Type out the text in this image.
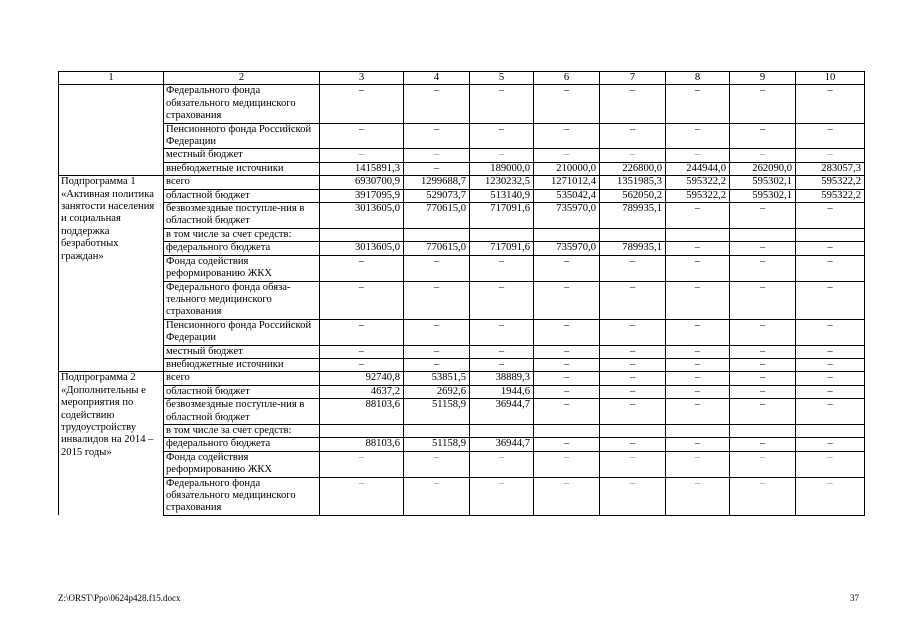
1	2	3	4	5	6	7	8	9	10
	Федерального фонда обязательного медицинского страхования	–	–	–	–	–	–	–	–
	Пенсионного фонда Российской Федерации	–	–	–	–	–	–	–	–
	местный бюджет	–	–	–	–	–	–	–	–
	внебюджетные источники	1415891,3	–	189000,0	210000,0	226800,0	244944,0	262090,0	283057,3
Подпрограмма 1 «Активная политика занятости населения и социальная поддержка безработных граждан»	всего	6930700,9	1299688,7	1230232,5	1271012,4	1351985,3	595322,2	595302,1	595322,2
	областной бюджет	3917095,9	529073,7	513140,9	535042,4	562050,2	595322,2	595302,1	595322,2
	безвозмездные поступле-ния в областной бюджет	3013605,0	770615,0	717091,6	735970,0	789935,1	–	–	–
	в том числе за счет средств:								
	федерального бюджета	3013605,0	770615,0	717091,6	735970,0	789935,1	–	–	–
	Фонда содействия реформированию ЖКХ	–	–	–	–	–	–	–	–
	Федерального фонда обяза-тельного медицинского страхования	–	–	–	–	–	–	–	–
	Пенсионного фонда Российской Федерации	–	–	–	–	–	–	–	–
	местный бюджет	–	–	–	–	–	–	–	–
	внебюджетные источники	–	–	–	–	–	–	–	–
Подпрограмма 2 «Дополнительны е мероприятия по содействию трудоустройству инвалидов на 2014 – 2015 годы»	всего	92740,8	53851,5	38889,3	–	–	–	–	–
	областной бюджет	4637,2	2692,6	1944,6	–	–	–	–	–
	безвозмездные поступле-ния в областной бюджет	88103,6	51158,9	36944,7	–	–	–	–	–
	в том числе за счет средств:								
	федерального бюджета	88103,6	51158,9	36944,7	–	–	–	–	–
	Фонда содействия реформированию ЖКХ	–	–	–	–	–	–	–	–
	Федерального фонда обязательного медицинского страхования	–	–	–	–	–	–	–	–
Z:\ORST\Ppo\0624p428.f15.docx	37
